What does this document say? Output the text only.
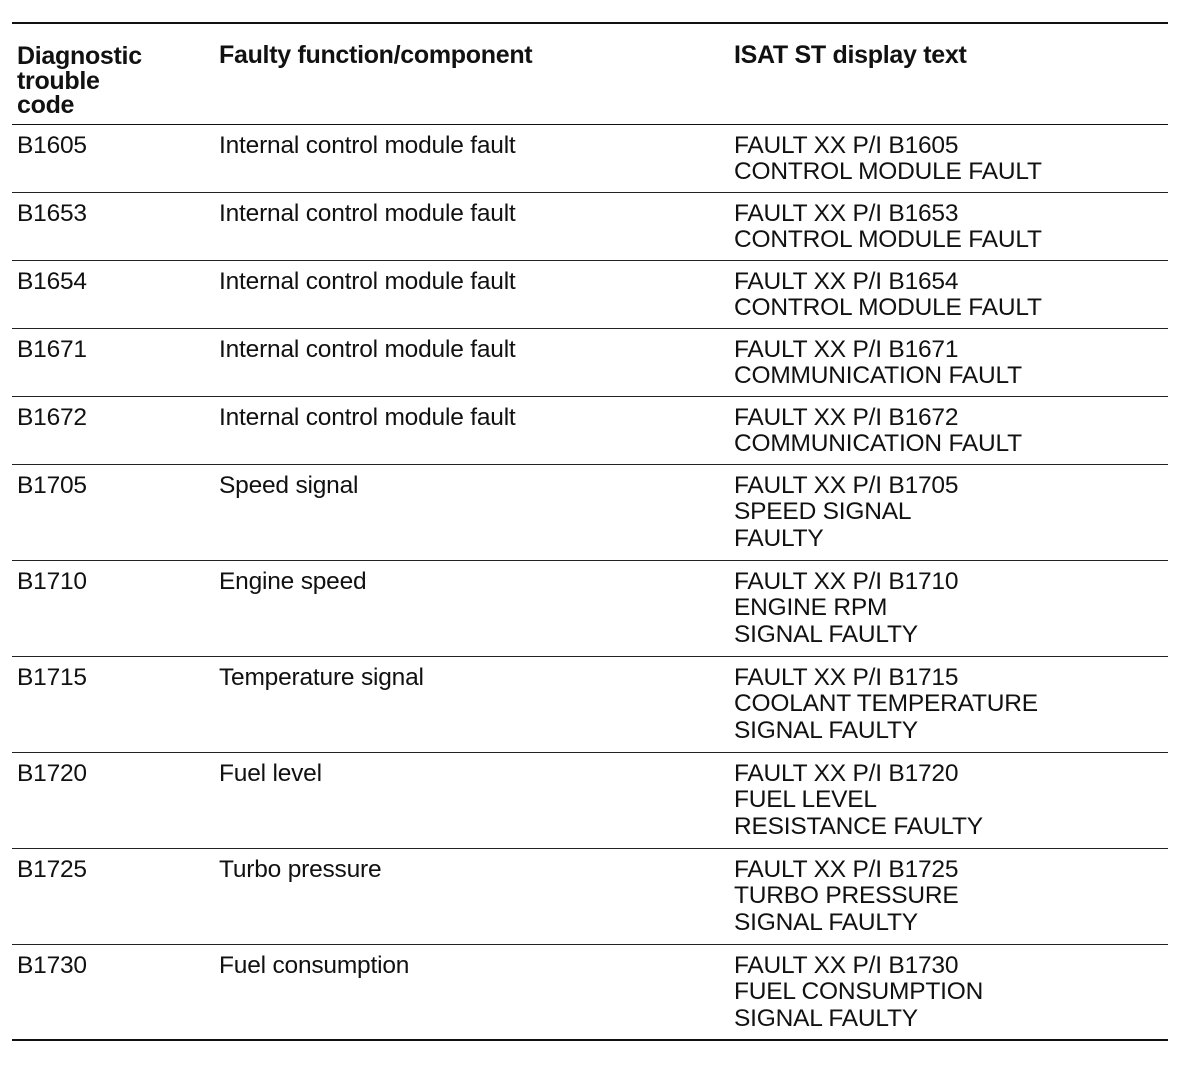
Diagnostic trouble code	Faulty function/component	ISAT ST display text
B1605	Internal control module fault	FAULT XX P/I B1605
CONTROL MODULE FAULT

B1653	Internal control module fault	FAULT XX P/I B1653
CONTROL MODULE FAULT

B1654	Internal control module fault	FAULT XX P/I B1654
CONTROL MODULE FAULT

B1671	Internal control module fault	FAULT XX P/I B1671
COMMUNICATION FAULT

B1672	Internal control module fault	FAULT XX P/I B1672
COMMUNICATION FAULT

B1705	Speed signal	FAULT XX P/I B1705
SPEED SIGNAL
FAULTY

B1710	Engine speed	FAULT XX P/I B1710
ENGINE RPM
SIGNAL FAULTY

B1715	Temperature signal	FAULT XX P/I B1715
COOLANT TEMPERATURE
SIGNAL FAULTY

B1720	Fuel level	FAULT XX P/I B1720
FUEL LEVEL
RESISTANCE FAULTY

B1725	Turbo pressure	FAULT XX P/I B1725
TURBO PRESSURE
SIGNAL FAULTY

B1730	Fuel consumption	FAULT XX P/I B1730
FUEL CONSUMPTION
SIGNAL FAULTY
